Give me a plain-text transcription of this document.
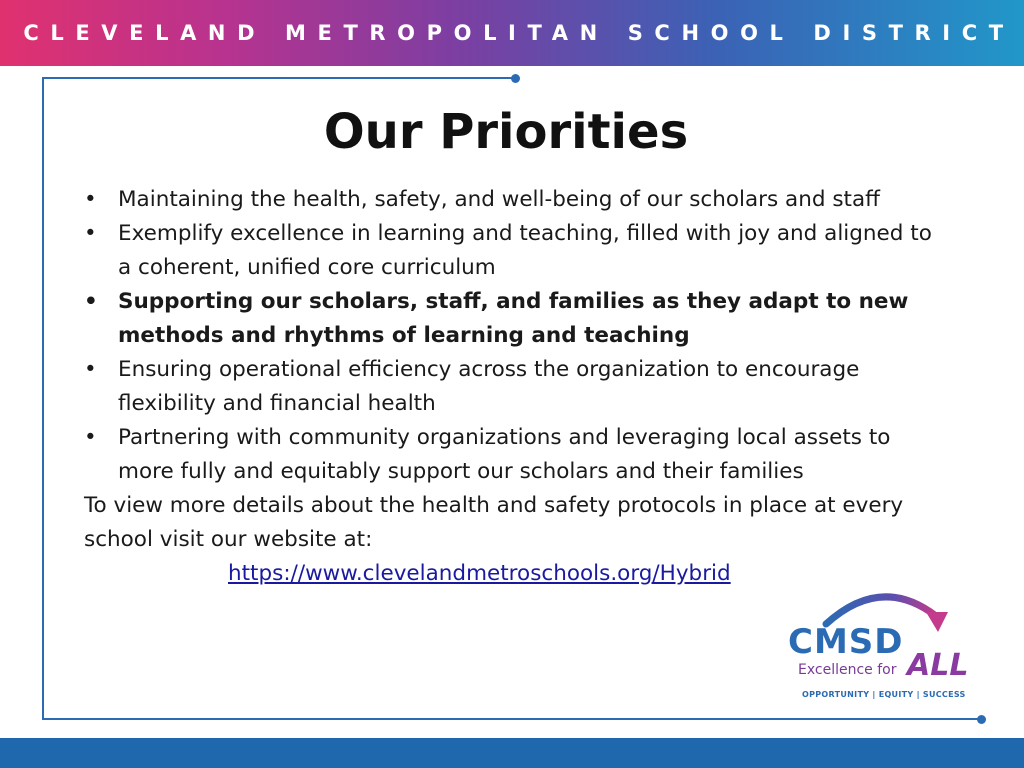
CLEVELAND METROPOLITAN SCHOOL DISTRICT
Our Priorities
• Maintaining the health, safety, and well-being of our scholars and staff
• Exemplify excellence in learning and teaching, filled with joy and aligned to a coherent, unified core curriculum
• Supporting our scholars, staff, and families as they adapt to new methods and rhythms of learning and teaching
• Ensuring operational efficiency across the organization to encourage flexibility and financial health
• Partnering with community organizations and leveraging local assets to more fully and equitably support our scholars and their families

To view more details about the health and safety protocols in place at every school visit our website at:

https://www.clevelandmetroschools.org/Hybrid
CMSD
Excellence for ALL
OPPORTUNITY | EQUITY | SUCCESS
